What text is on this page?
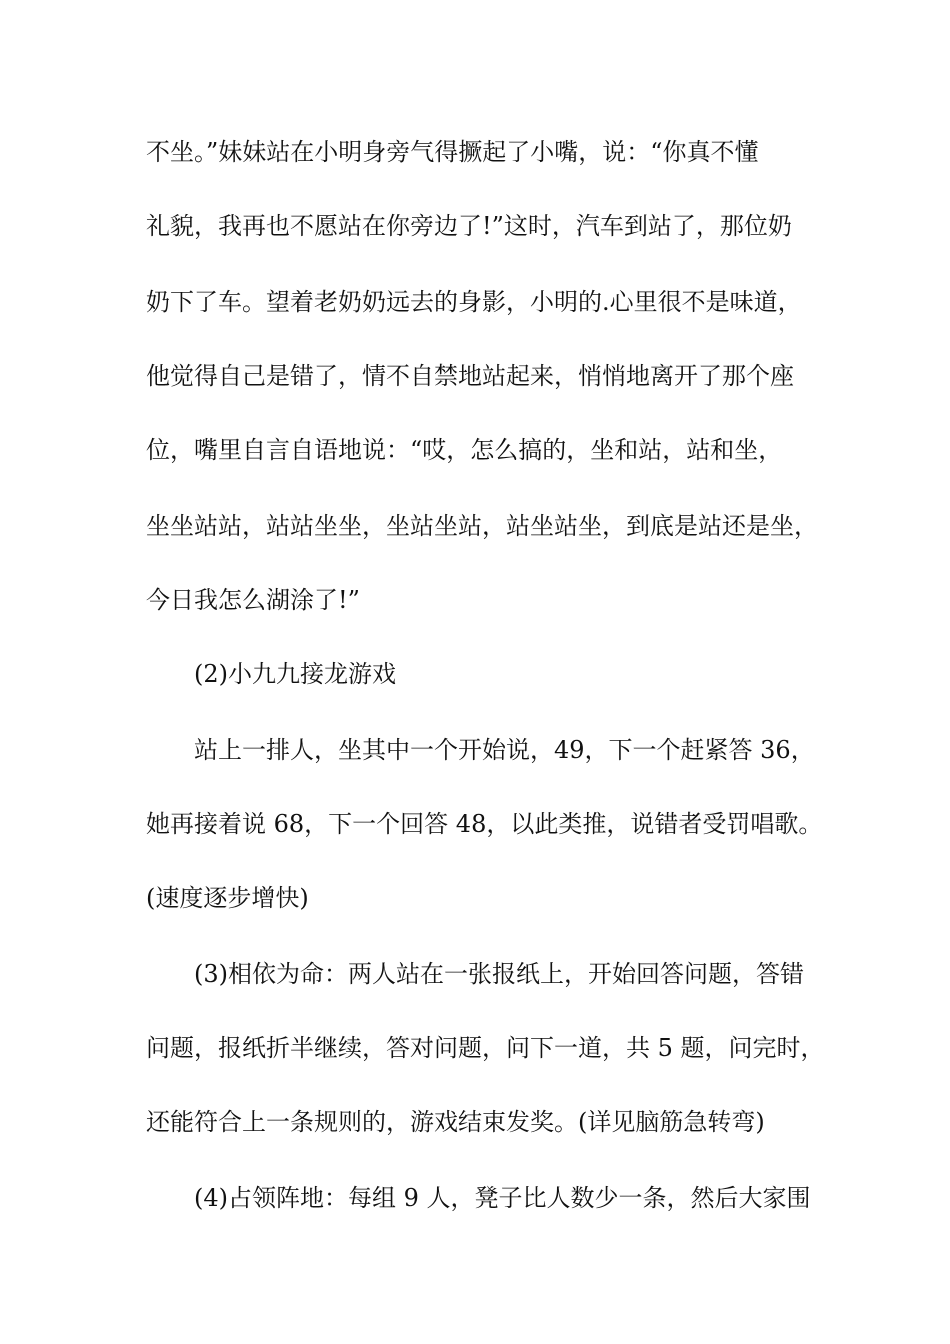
不坐。”妹妹站在小明身旁气得撅起了小嘴，说：“你真不懂

礼貌，我再也不愿站在你旁边了!”这时，汽车到站了，那位奶

奶下了车。望着老奶奶远去的身影，小明的.心里很不是味道，

他觉得自己是错了，情不自禁地站起来，悄悄地离开了那个座

位，嘴里自言自语地说：“哎，怎么搞的，坐和站，站和坐，

坐坐站站，站站坐坐，坐站坐站，站坐站坐，到底是站还是坐，

今日我怎么湖涂了!”

(2)小九九接龙游戏

站上一排人，坐其中一个开始说，49，下一个赶紧答 36，

她再接着说 68，下一个回答 48，以此类推，说错者受罚唱歌。

(速度逐步增快)

(3)相依为命：两人站在一张报纸上，开始回答问题，答错

问题，报纸折半继续，答对问题，问下一道，共 5 题，问完时，

还能符合上一条规则的，游戏结束发奖。(详见脑筋急转弯)

(4)占领阵地：每组 9 人，凳子比人数少一条，然后大家围
